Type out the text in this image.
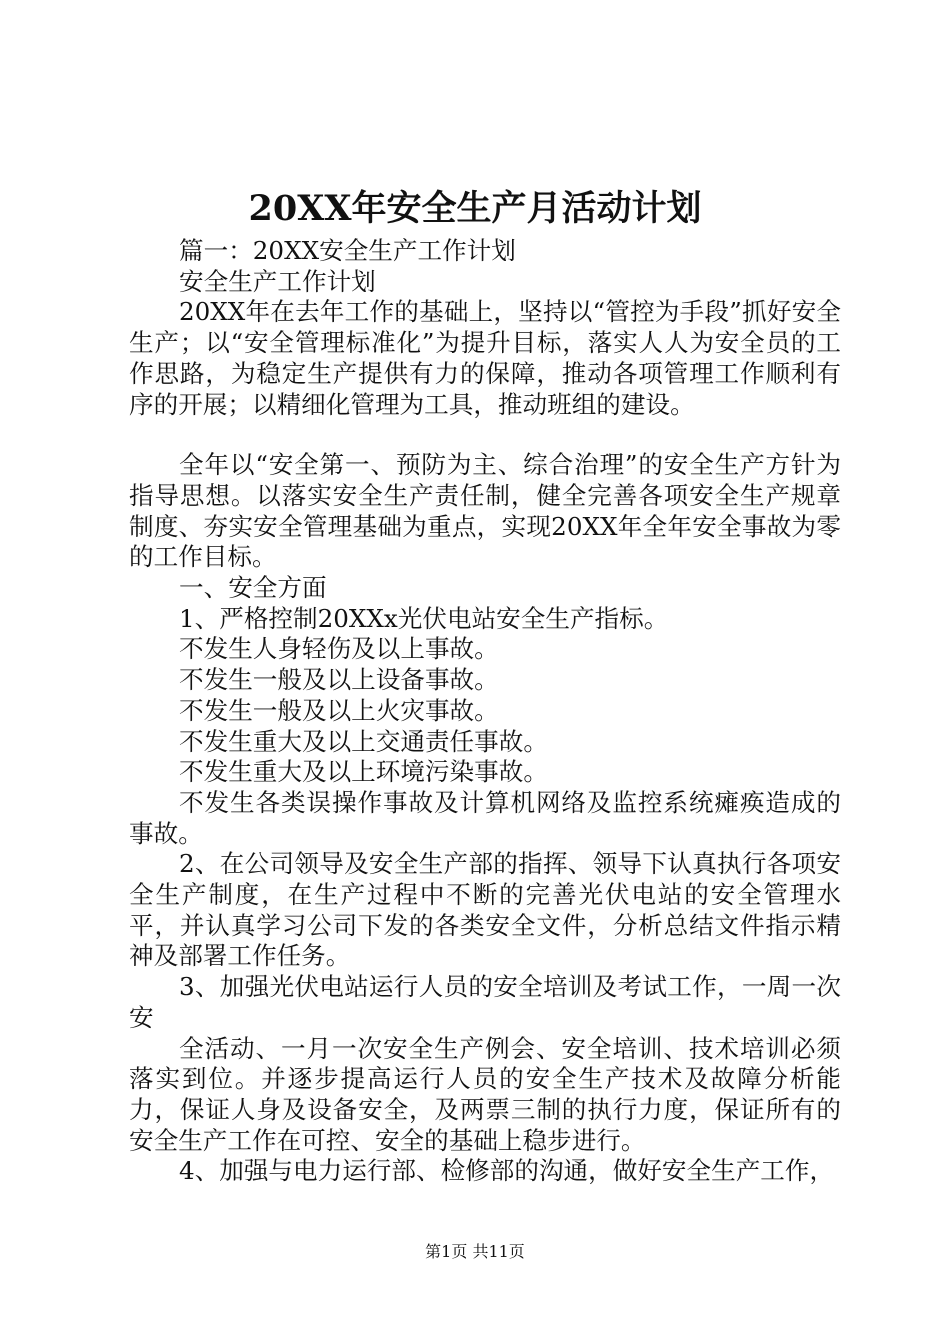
20XX年安全生产月活动计划

篇一：20XX安全生产工作计划

安全生产工作计划

20XX年在去年工作的基础上，坚持以“管控为手段”抓好安全生产；以“安全管理标准化”为提升目标，落实人人为安全员的工作思路，为稳定生产提供有力的保障，推动各项管理工作顺利有序的开展；以精细化管理为工具，推动班组的建设。

全年以“安全第一、预防为主、综合治理”的安全生产方针为指导思想。以落实安全生产责任制，健全完善各项安全生产规章制度、夯实安全管理基础为重点，实现20XX年全年安全事故为零的工作目标。

一、安全方面

1、严格控制20XXx光伏电站安全生产指标。

不发生人身轻伤及以上事故。

不发生一般及以上设备事故。

不发生一般及以上火灾事故。

不发生重大及以上交通责任事故。

不发生重大及以上环境污染事故。

不发生各类误操作事故及计算机网络及监控系统瘫痪造成的事故。

2、在公司领导及安全生产部的指挥、领导下认真执行各项安全生产制度，在生产过程中不断的完善光伏电站的安全管理水平，并认真学习公司下发的各类安全文件，分析总结文件指示精神及部署工作任务。

3、加强光伏电站运行人员的安全培训及考试工作，一周一次安

全活动、一月一次安全生产例会、安全培训、技术培训必须落实到位。并逐步提高运行人员的安全生产技术及故障分析能力，保证人身及设备安全，及两票三制的执行力度，保证所有的安全生产工作在可控、安全的基础上稳步进行。

4、加强与电力运行部、检修部的沟通，做好安全生产工作，

第1页 共11页
